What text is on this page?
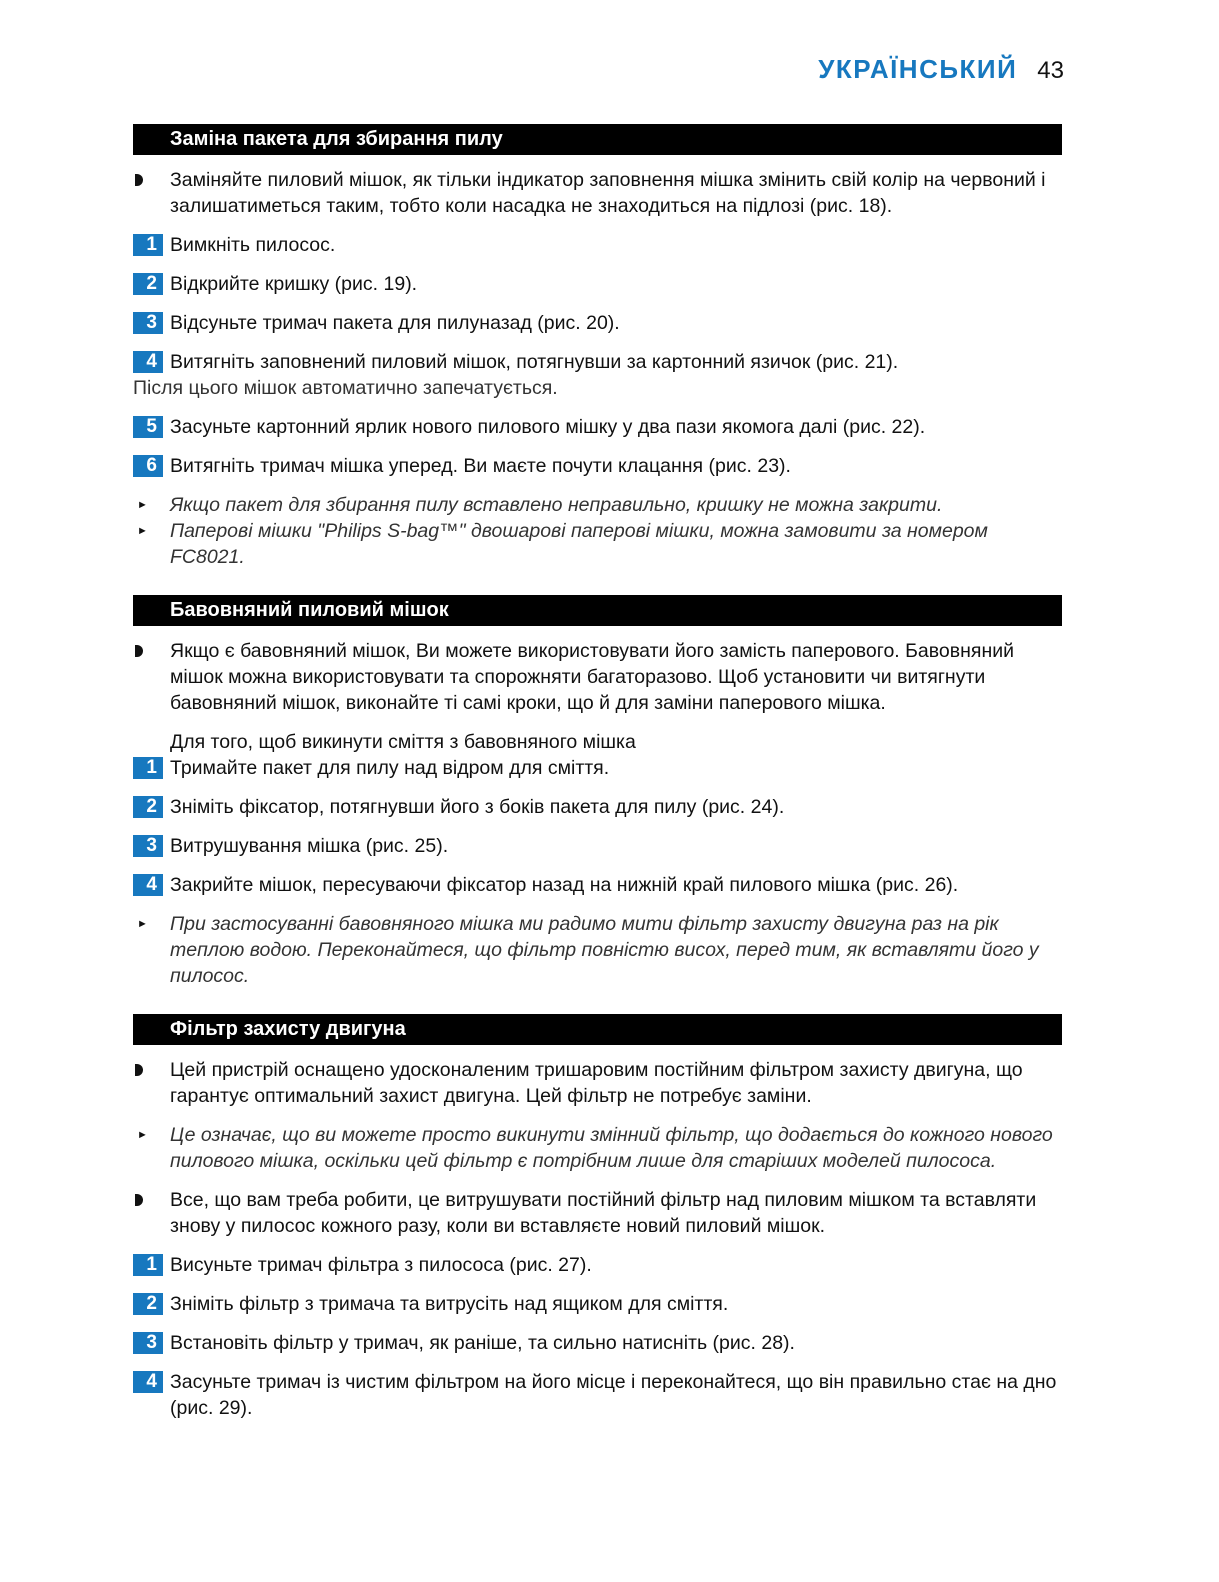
УКРАЇНСЬКИЙ 43
Заміна пакета для збирання пилу
Заміняйте пиловий мішок, як тільки індикатор заповнення мішка змінить свій колір на червоний і залишатиметься таким, тобто коли насадка не знаходиться на підлозі (рис. 18).
1 Вимкніть пилосос.
2 Відкрийте кришку (рис. 19).
3 Відсуньте тримач пакета для пилуназад (рис. 20).
4 Витягніть заповнений пиловий мішок, потягнувши за картонний язичок (рис. 21).
Після цього мішок автоматично запечатується.
5 Засуньте картонний ярлик нового пилового мішку у два пази якомога далі (рис. 22).
6 Витягніть тримач мішка уперед. Ви маєте почути клацання (рис. 23).
► Якщо пакет для збирання пилу вставлено неправильно, кришку не можна закрити.
► Паперові мішки "Philips S-bag™" двошарові паперові мішки, можна замовити за номером FC8021.
Бавовняний пиловий мішок
Якщо є бавовняний мішок, Ви можете використовувати його замість паперового. Бавовняний мішок можна використовувати та спорожняти багаторазово. Щоб установити чи витягнути бавовняний мішок, виконайте ті самі кроки, що й для заміни паперового мішка.
Для того, щоб викинути сміття з бавовняного мішка
1 Тримайте пакет для пилу над відром для сміття.
2 Зніміть фіксатор, потягнувши його з боків пакета для пилу (рис. 24).
3 Витрушування мішка (рис. 25).
4 Закрийте мішок, пересуваючи фіксатор назад на нижній край пилового мішка (рис. 26).
► При застосуванні бавовняного мішка ми радимо мити фільтр захисту двигуна раз на рік теплою водою. Переконайтеся, що фільтр повністю висох, перед тим, як вставляти його у пилосос.
Фільтр захисту двигуна
Цей пристрій оснащено удосконаленим тришаровим постійним фільтром захисту двигуна, що гарантує оптимальний захист двигуна. Цей фільтр не потребує заміни.
► Це означає, що ви можете просто викинути змінний фільтр, що додається до кожного нового пилового мішка, оскільки цей фільтр є потрібним лише для старіших моделей пилососа.
Все, що вам треба робити, це витрушувати постійний фільтр над пиловим мішком та вставляти знову у пилосос кожного разу, коли ви вставляєте новий пиловий мішок.
1 Висуньте тримач фільтра з пилососа (рис. 27).
2 Зніміть фільтр з тримача та витрусіть над ящиком для сміття.
3 Встановіть фільтр у тримач, як раніше, та сильно натисніть (рис. 28).
4 Засуньте тримач із чистим фільтром на його місце і переконайтеся, що він правильно стає на дно (рис. 29).
